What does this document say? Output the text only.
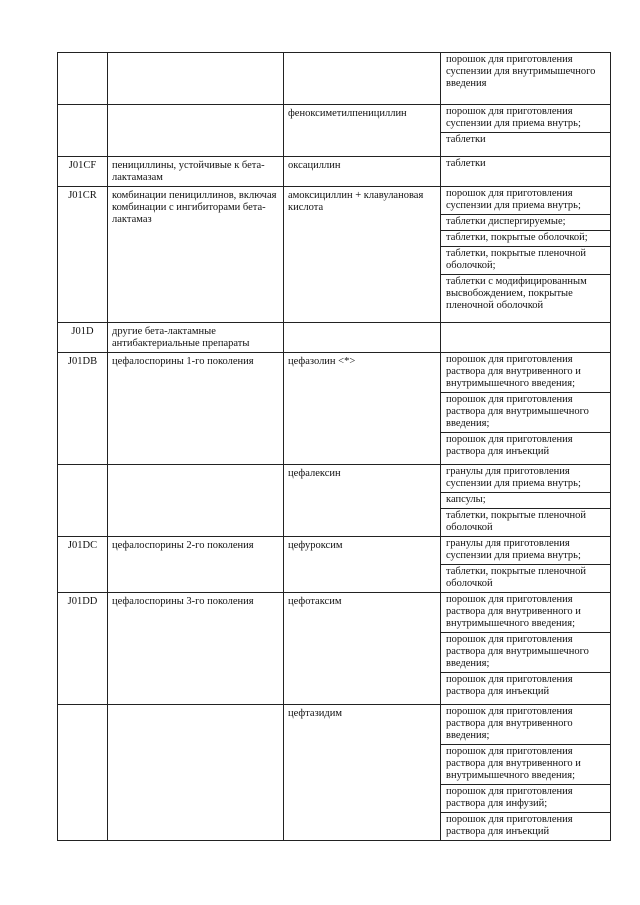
			порошок для приготовления суспензии для внутримышечного введения

		феноксиметилпенициллин	порошок для приготовления суспензии для приема внутрь;
таблетки

J01CF	пенициллины, устойчивые к бета-лактамазам	оксациллин	таблетки

J01CR	комбинации пенициллинов, включая комбинации с ингибиторами бета-лактамаз	амоксициллин + клавулановая кислота	порошок для приготовления суспензии для приема внутрь;
таблетки диспергируемые;
таблетки, покрытые оболочкой;
таблетки, покрытые пленочной оболочкой;
таблетки с модифицированным высвобождением, покрытые пленочной оболочкой

J01D	другие бета-лактамные антибактериальные препараты		

J01DB	цефалоспорины 1-го поколения	цефазолин <*>	порошок для приготовления раствора для внутривенного и внутримышечного введения;
порошок для приготовления раствора для внутримышечного введения;
порошок для приготовления раствора для инъекций

		цефалексин	гранулы для приготовления суспензии для приема внутрь;
капсулы;
таблетки, покрытые пленочной оболочкой

J01DC	цефалоспорины 2-го поколения	цефуроксим	гранулы для приготовления суспензии для приема внутрь;
таблетки, покрытые пленочной оболочкой

J01DD	цефалоспорины 3-го поколения	цефотаксим	порошок для приготовления раствора для внутривенного и внутримышечного введения;
порошок для приготовления раствора для внутримышечного введения;
порошок для приготовления раствора для инъекций

		цефтазидим	порошок для приготовления раствора для внутривенного введения;
порошок для приготовления раствора для внутривенного и внутримышечного введения;
порошок для приготовления раствора для инфузий;
порошок для приготовления раствора для инъекций
